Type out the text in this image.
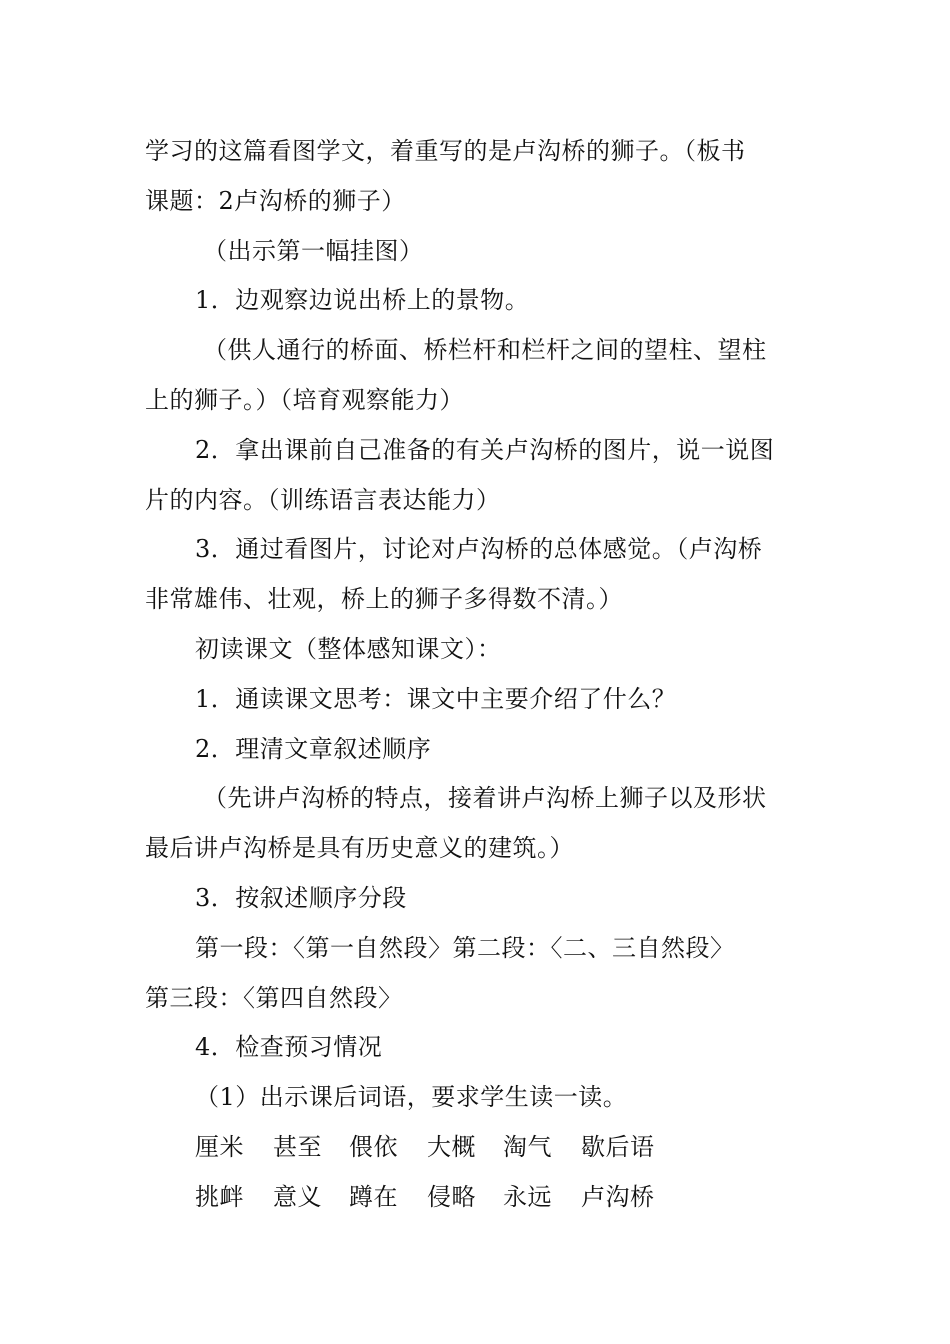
学习的这篇看图学文，着重写的是卢沟桥的狮子。（板书
课题：2卢沟桥的狮子）
（出示第一幅挂图）
1．边观察边说出桥上的景物。
（供人通行的桥面、桥栏杆和栏杆之间的望柱、望柱
上的狮子。）（培育观察能力）
2．拿出课前自己准备的有关卢沟桥的图片，说一说图
片的内容。（训练语言表达能力）
3．通过看图片，讨论对卢沟桥的总体感觉。（卢沟桥
非常雄伟、壮观，桥上的狮子多得数不清。）
初读课文（整体感知课文）：
1．通读课文思考：课文中主要介绍了什么？
2．理清文章叙述顺序
（先讲卢沟桥的特点，接着讲卢沟桥上狮子以及形状
最后讲卢沟桥是具有历史意义的建筑。）
3．按叙述顺序分段
第一段：〈第一自然段〉第二段：〈二、三自然段〉
第三段：〈第四自然段〉
4．检查预习情况
（1）出示课后词语，要求学生读一读。
厘米	甚至	偎依	大概	淘气	歇后语
挑衅	意义	蹲在	侵略	永远	卢沟桥
